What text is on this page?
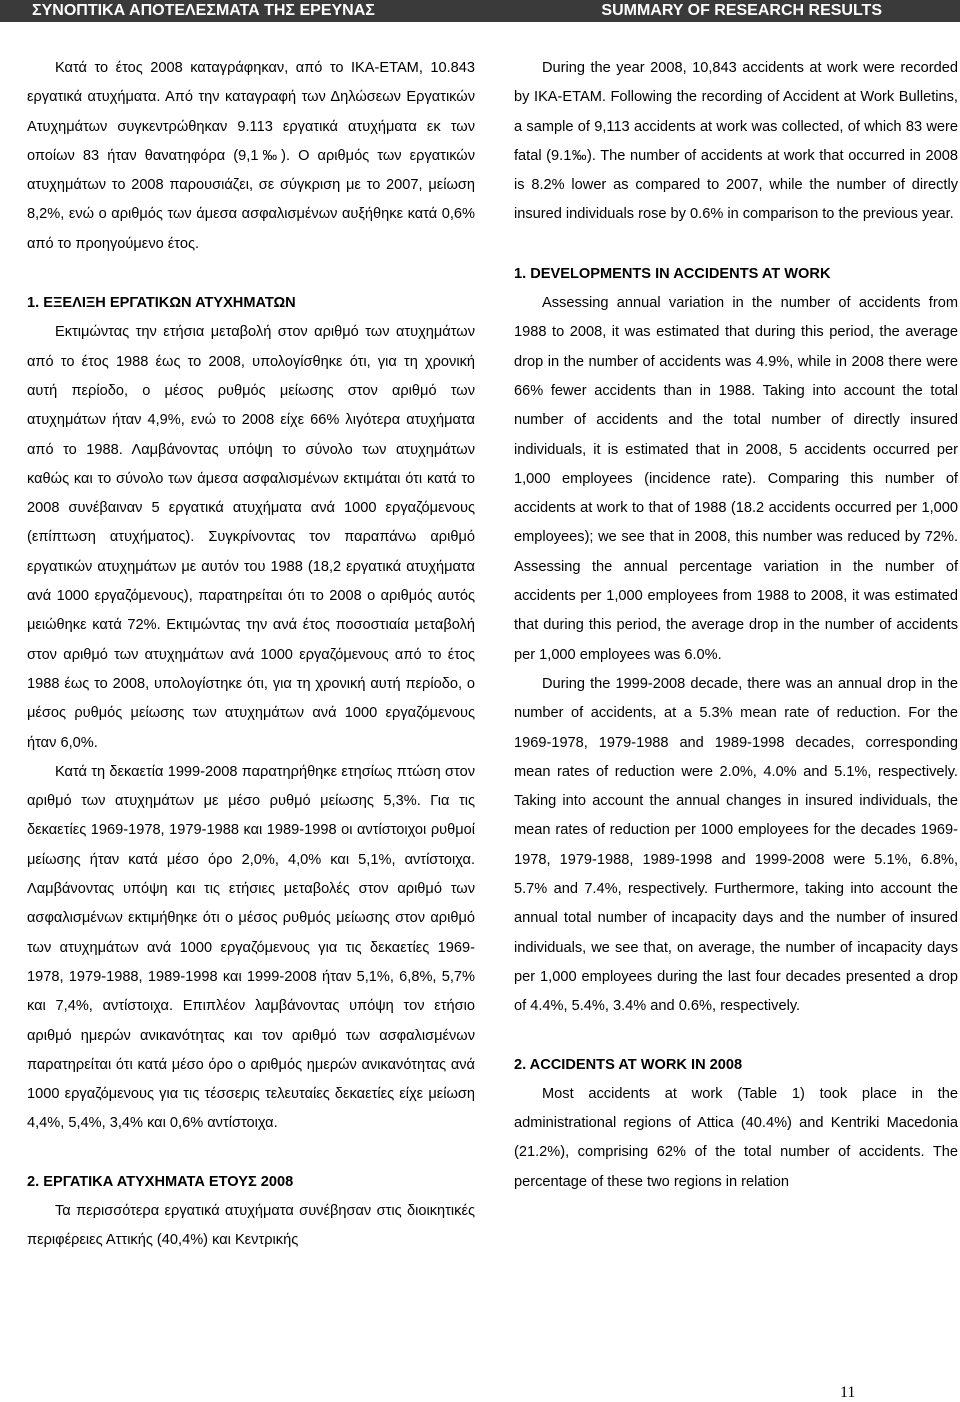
ΣΥΝΟΠΤΙΚΑ ΑΠΟΤΕΛΕΣΜΑΤΑ ΤΗΣ ΕΡΕΥΝΑΣ	SUMMARY OF RESEARCH RESULTS

Κατά το έτος 2008 καταγράφηκαν, από το ΙΚΑ-ΕΤΑΜ, 10.843 εργατικά ατυχήματα. Από την καταγραφή των Δηλώσεων Εργατικών Ατυχημάτων συγκεντρώθηκαν 9.113 εργατικά ατυχήματα εκ των οποίων 83 ήταν θανατηφόρα (9,1‰). Ο αριθμός των εργατικών ατυχημάτων το 2008 παρουσιάζει, σε σύγκριση με το 2007, μείωση 8,2%, ενώ ο αριθμός των άμεσα ασφαλισμένων αυξήθηκε κατά 0,6% από το προηγούμενο έτος.

1. ΕΞΕΛΙΞΗ ΕΡΓΑΤΙΚΩΝ ΑΤΥΧΗΜΑΤΩΝ

Εκτιμώντας την ετήσια μεταβολή στον αριθμό των ατυχημάτων από το έτος 1988 έως το 2008, υπολογίσθηκε ότι, για τη χρονική αυτή περίοδο, ο μέσος ρυθμός μείωσης στον αριθμό των ατυχημάτων ήταν 4,9%, ενώ το 2008 είχε 66% λιγότερα ατυχήματα από το 1988. Λαμβάνοντας υπόψη το σύνολο των ατυχημάτων καθώς και το σύνολο των άμεσα ασφαλισμένων εκτιμάται ότι κατά το 2008 συνέβαιναν 5 εργατικά ατυχήματα ανά 1000 εργαζόμενους (επίπτωση ατυχήματος). Συγκρίνοντας τον παραπάνω αριθμό εργατικών ατυχημάτων με αυτόν του 1988 (18,2 εργατικά ατυχήματα ανά 1000 εργαζόμενους), παρατηρείται ότι το 2008 ο αριθμός αυτός μειώθηκε κατά 72%. Εκτιμώντας την ανά έτος ποσοστιαία μεταβολή στον αριθμό των ατυχημάτων ανά 1000 εργαζόμενους από το έτος 1988 έως το 2008, υπολογίστηκε ότι, για τη χρονική αυτή περίοδο, ο μέσος ρυθμός μείωσης των ατυχημάτων ανά 1000 εργαζόμενους ήταν 6,0%.

Κατά τη δεκαετία 1999-2008 παρατηρήθηκε ετησίως πτώση στον αριθμό των ατυχημάτων με μέσο ρυθμό μείωσης 5,3%. Για τις δεκαετίες 1969-1978, 1979-1988 και 1989-1998 οι αντίστοιχοι ρυθμοί μείωσης ήταν κατά μέσο όρο 2,0%, 4,0% και 5,1%, αντίστοιχα. Λαμβάνοντας υπόψη και τις ετήσιες μεταβολές στον αριθμό των ασφαλισμένων εκτιμήθηκε ότι ο μέσος ρυθμός μείωσης στον αριθμό των ατυχημάτων ανά 1000 εργαζόμενους για τις δεκαετίες 1969-1978, 1979-1988, 1989-1998 και 1999-2008 ήταν 5,1%, 6,8%, 5,7% και 7,4%, αντίστοιχα. Επιπλέον λαμβάνοντας υπόψη τον ετήσιο αριθμό ημερών ανικανότητας και τον αριθμό των ασφαλισμένων παρατηρείται ότι κατά μέσο όρο ο αριθμός ημερών ανικανότητας ανά 1000 εργαζόμενους για τις τέσσερις τελευταίες δεκαετίες είχε μείωση 4,4%, 5,4%, 3,4% και 0,6% αντίστοιχα.

2. ΕΡΓΑΤΙΚΑ ΑΤΥΧΗΜΑΤΑ ΕΤΟΥΣ 2008

Τα περισσότερα εργατικά ατυχήματα συνέβησαν στις διοικητικές περιφέρειες Αττικής (40,4%) και Κεντρικής

During the year 2008, 10,843 accidents at work were recorded by IKA-ETAM. Following the recording of Accident at Work Bulletins, a sample of 9,113 accidents at work was collected, of which 83 were fatal (9.1‰). The number of accidents at work that occurred in 2008 is 8.2% lower as compared to 2007, while the number of directly insured individuals rose by 0.6% in comparison to the previous year.

1. DEVELOPMENTS IN ACCIDENTS AT WORK

Assessing annual variation in the number of accidents from 1988 to 2008, it was estimated that during this period, the average drop in the number of accidents was 4.9%, while in 2008 there were 66% fewer accidents than in 1988. Taking into account the total number of accidents and the total number of directly insured individuals, it is estimated that in 2008, 5 accidents occurred per 1,000 employees (incidence rate). Comparing this number of accidents at work to that of 1988 (18.2 accidents occurred per 1,000 employees); we see that in 2008, this number was reduced by 72%. Assessing the annual percentage variation in the number of accidents per 1,000 employees from 1988 to 2008, it was estimated that during this period, the average drop in the number of accidents per 1,000 employees was 6.0%.

During the 1999-2008 decade, there was an annual drop in the number of accidents, at a 5.3% mean rate of reduction. For the 1969-1978, 1979-1988 and 1989-1998 decades, corresponding mean rates of reduction were 2.0%, 4.0% and 5.1%, respectively. Taking into account the annual changes in insured individuals, the mean rates of reduction per 1000 employees for the decades 1969-1978, 1979-1988, 1989-1998 and 1999-2008 were 5.1%, 6.8%, 5.7% and 7.4%, respectively. Furthermore, taking into account the annual total number of incapacity days and the number of insured individuals, we see that, on average, the number of incapacity days per 1,000 employees during the last four decades presented a drop of 4.4%, 5.4%, 3.4% and 0.6%, respectively.

2. ACCIDENTS AT WORK IN 2008

Most accidents at work (Table 1) took place in the administrational regions of Attica (40.4%) and Kentriki Macedonia (21.2%), comprising 62% of the total number of accidents. The percentage of these two regions in relation

11
